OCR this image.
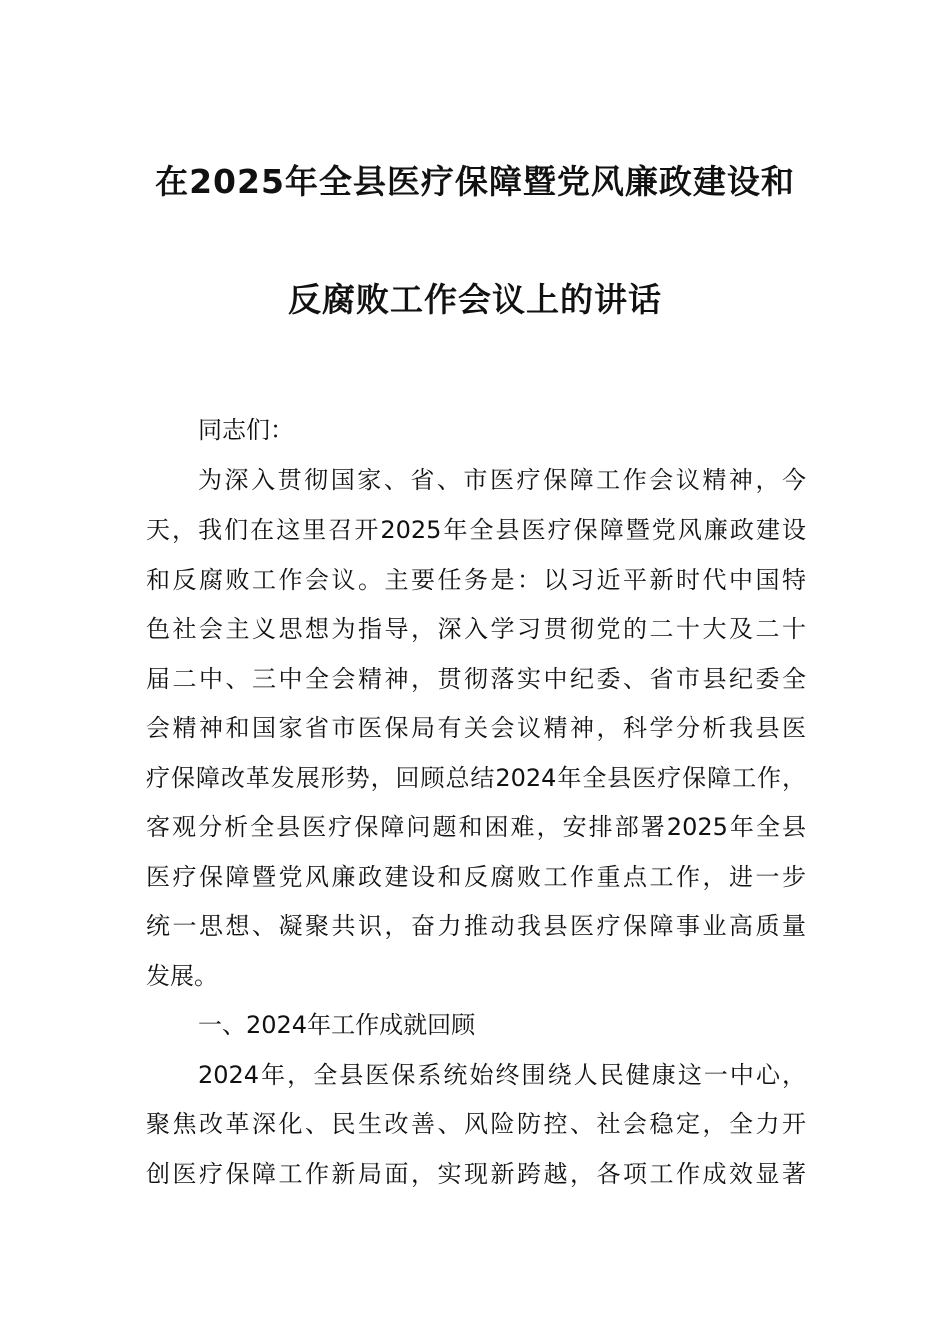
在2025年全县医疗保障暨党风廉政建设和
反腐败工作会议上的讲话
同志们：
为深入贯彻国家、省、市医疗保障工作会议精神，今
天，我们在这里召开2025年全县医疗保障暨党风廉政建设
和反腐败工作会议。主要任务是：以习近平新时代中国特
色社会主义思想为指导，深入学习贯彻党的二十大及二十
届二中、三中全会精神，贯彻落实中纪委、省市县纪委全
会精神和国家省市医保局有关会议精神，科学分析我县医
疗保障改革发展形势，回顾总结2024年全县医疗保障工作，
客观分析全县医疗保障问题和困难，安排部署2025年全县
医疗保障暨党风廉政建设和反腐败工作重点工作，进一步
统一思想、凝聚共识，奋力推动我县医疗保障事业高质量
发展。
一、2024年工作成就回顾
2024年，全县医保系统始终围绕人民健康这一中心，
聚焦改革深化、民生改善、风险防控、社会稳定，全力开
创医疗保障工作新局面，实现新跨越，各项工作成效显著
